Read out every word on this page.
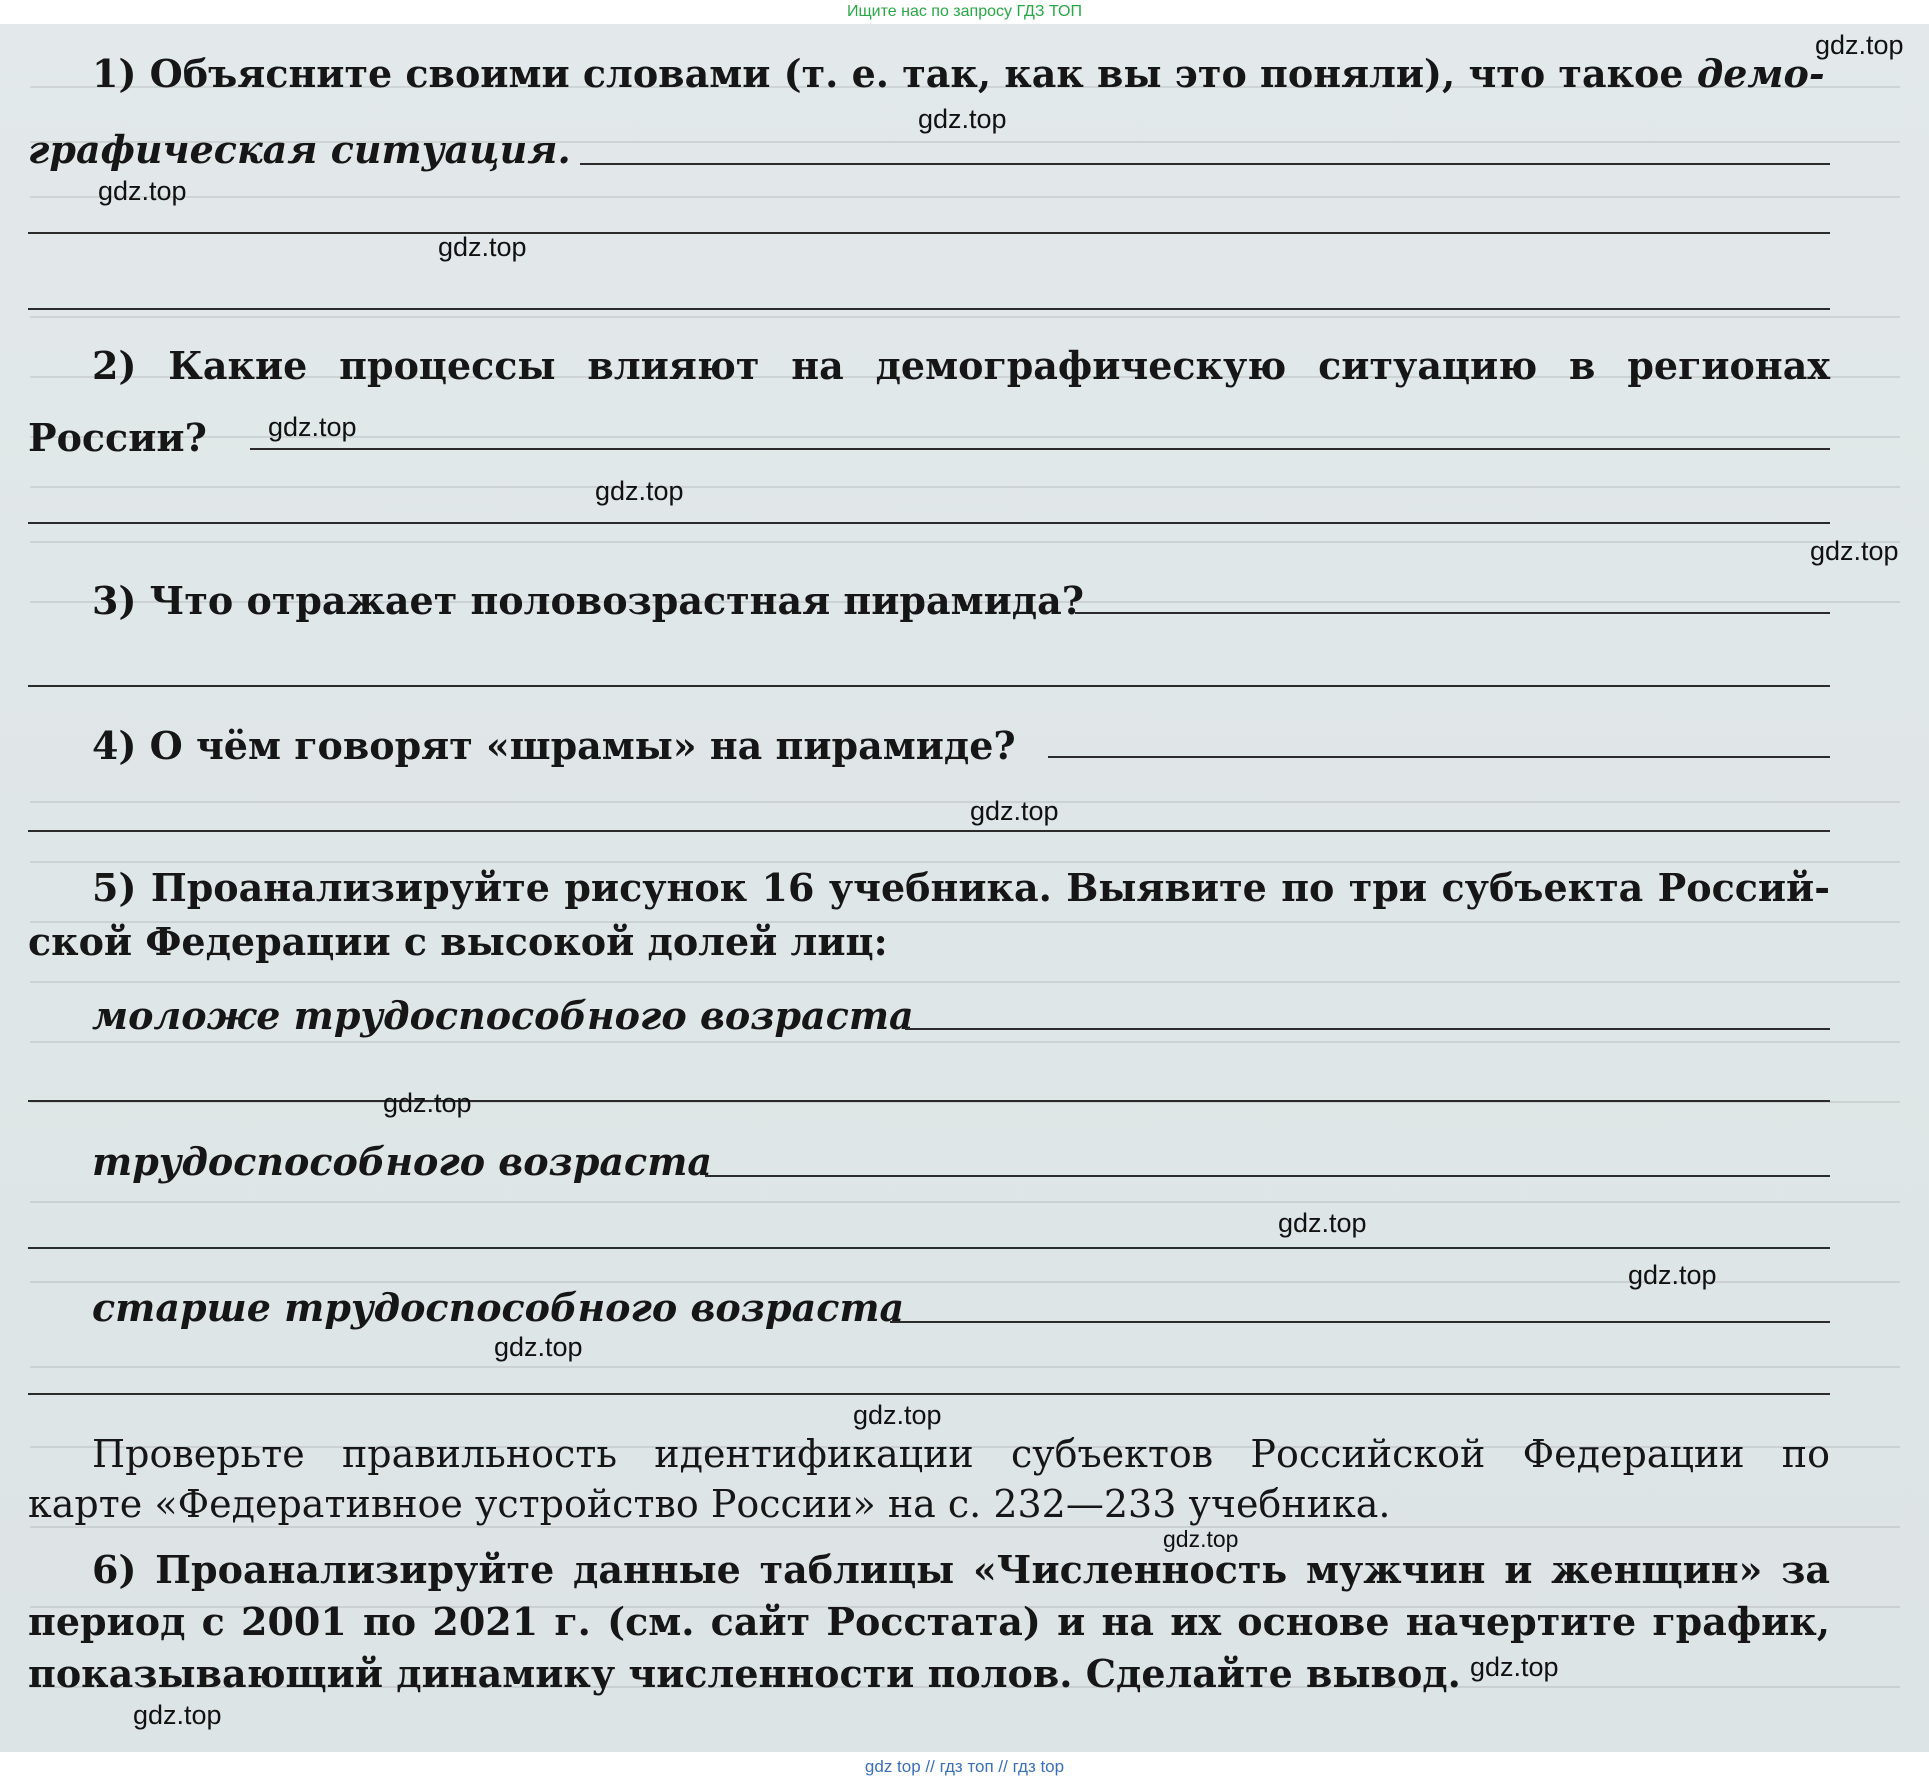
Ищите нас по запросу ГДЗ ТОП

1) Объясните своими словами (т. е. так, как вы это поняли), что такое демо-

графическая ситуация.

2) Какие процессы влияют на демографическую ситуацию в регионах

России?

3) Что отражает половозрастная пирамида?

4) О чём говорят «шрамы» на пирамиде?

5) Проанализируйте рисунок 16 учебника. Выявите по три субъекта Россий-

ской Федерации с высокой долей лиц:

моложе трудоспособного возраста

трудоспособного возраста

старше трудоспособного возраста

Проверьте правильность идентификации субъектов Российской Федерации по

карте «Федеративное устройство России» на с. 232—233 учебника.

6) Проанализируйте данные таблицы «Численность мужчин и женщин» за

период с 2001 по 2021 г. (см. сайт Росстата) и на их основе начертите график,

показывающий динамику численности полов. Сделайте вывод.

gdz.top
gdz.top
gdz.top
gdz.top
gdz.top
gdz.top
gdz.top
gdz.top
gdz.top
gdz.top
gdz.top
gdz.top
gdz.top
gdz.top
gdz.top
gdz.top
gdz top // гдз топ // гдз top
